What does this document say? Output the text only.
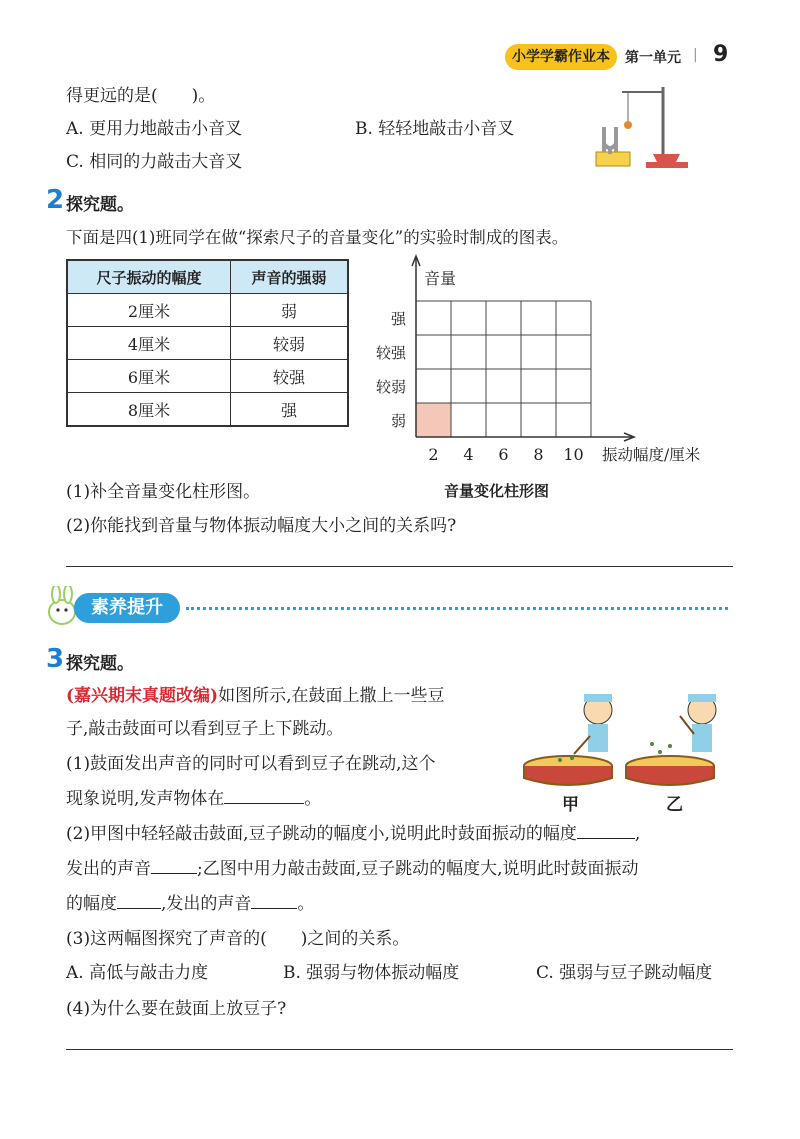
小学学霸作业本	第一单元 | 9
得更远的是(　　)。
A. 更用力地敲击小音叉	B. 轻轻地敲击小音叉
C. 相同的力敲击大音叉
2 探究题。
下面是四(1)班同学在做“探索尺子的音量变化”的实验时制成的图表。
尺子振动的幅度	声音的强弱
2厘米	弱
4厘米	较弱
6厘米	较强
8厘米	强
音量
弱
较弱
较强
强
2 4 6 8 10 振动幅度/厘米
音量变化柱形图
(1)补全音量变化柱形图。
(2)你能找到音量与物体振动幅度大小之间的关系吗?
素养提升
3 探究题。
(嘉兴期末真题改编)如图所示,在鼓面上撒上一些豆
子,敲击鼓面可以看到豆子上下跳动。
(1)鼓面发出声音的同时可以看到豆子在跳动,这个
现象说明,发声物体在	。	甲	乙
(2)甲图中轻轻敲击鼓面,豆子跳动的幅度小,说明此时鼓面振动的幅度	,
发出的声音	;乙图中用力敲击鼓面,豆子跳动的幅度大,说明此时鼓面振动
的幅度	,发出的声音	。
(3)这两幅图探究了声音的(　　)之间的关系。
A. 高低与敲击力度	B. 强弱与物体振动幅度	C. 强弱与豆子跳动幅度
(4)为什么要在鼓面上放豆子?
